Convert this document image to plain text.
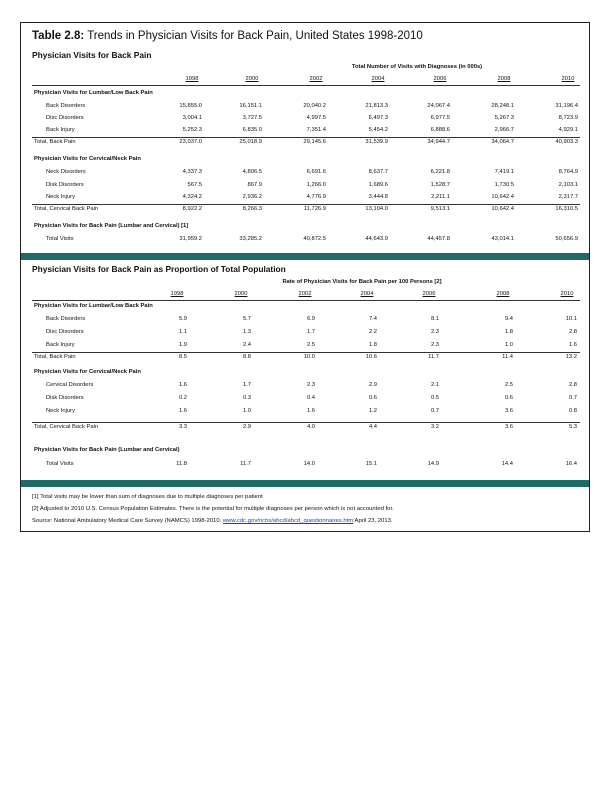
Table 2.8: Trends in Physician Visits for Back Pain, United States 1998-2010
Physician Visits for Back Pain
Total Number of Visits with Diagnoses (in 000s)
1998	2000	2002	2004	2006	2008	2010
Physician Visits for Lumbar/Low Back Pain
Back Disorders	15,855.0	16,151.1	20,040.2	21,813.3	24,067.4	28,248.1	31,196.4
Disc Disorders	3,004.1	3,727.5	4,997.5	6,497.3	6,977.5	5,267.3	8,723.9
Back Injury	5,252.3	6,835.0	7,351.4	5,454.2	6,888.6	2,966.7	4,929.1
Total, Back Pain	23,037.0	25,018.9	29,145.6	31,539.9	34,944.7	34,064.7	40,903.3
Physician Visits for Cervical/Neck Pain
Neck Disorders	4,337.3	4,806.5	6,691.6	8,637.7	6,221.8	7,419.1	8,764.9
Disk Disorders	567.5	867.9	1,266.0	1,689.6	1,528.7	1,730.5	2,103.1
Neck Injury	4,324.2	2,936.2	4,776.9	3,444.8	2,211.1	10,642.4	2,317.7
Total, Cervical Back Pain	8,922.2	8,266.3	11,726.9	13,104.0	9,513.1	10,642.4	16,310.5
Physician Visits for Back Pain (Lumbar and Cervical) [1]
Total Visits	31,959.2	33,285.2	40,872.5	44,643.9	44,457.8	43,014.1	50,656.9
Physician Visits for Back Pain as Proportion of Total Population
Rate of Physician Visits for Back Pain per 100 Persons [2]
1998	2000	2002	2004	2006	2008	2010
Physician Visits for Lumbar/Low Back Pain
Back Disorders	5.9	5.7	6.9	7.4	8.1	9.4	10.1
Disc Disorders	1.1	1.3	1.7	2.2	2.3	1.8	2.8
Back Injury	1.9	2.4	2.5	1.8	2.3	1.0	1.6
Total, Back Pain	8.5	8.8	10.0	10.6	11.7	11.4	13.2
Physician Visits for Cervical/Neck Pain
Cervical Disorders	1.6	1.7	2.3	2.9	2.1	2.5	2.8
Disk Disorders	0.2	0.3	0.4	0.6	0.5	0.6	0.7
Neck Injury	1.6	1.0	1.6	1.2	0.7	3.6	0.8
Total, Cervical Back Pain	3.3	2.9	4.0	4.4	3.2	3.6	5.3
Physician Visits for Back Pain (Lumbar and Cervical)
Total Visits	11.8	11.7	14.0	15.1	14.9	14.4	16.4
[1] Total visits may be lower than sum of diagnoses due to multiple diagnoses per patient
[2] Adjusted to 2010 U.S. Census Population Estimates. There is the potential for multiple diagnoses per person which is not accounted for.
Source: National Ambulatory Medical Care Survey (NAMCS) 1998-2010. www.cdc.gov/nchs/ahcd/ahcd_questionnaires.htm April 23, 2013.
